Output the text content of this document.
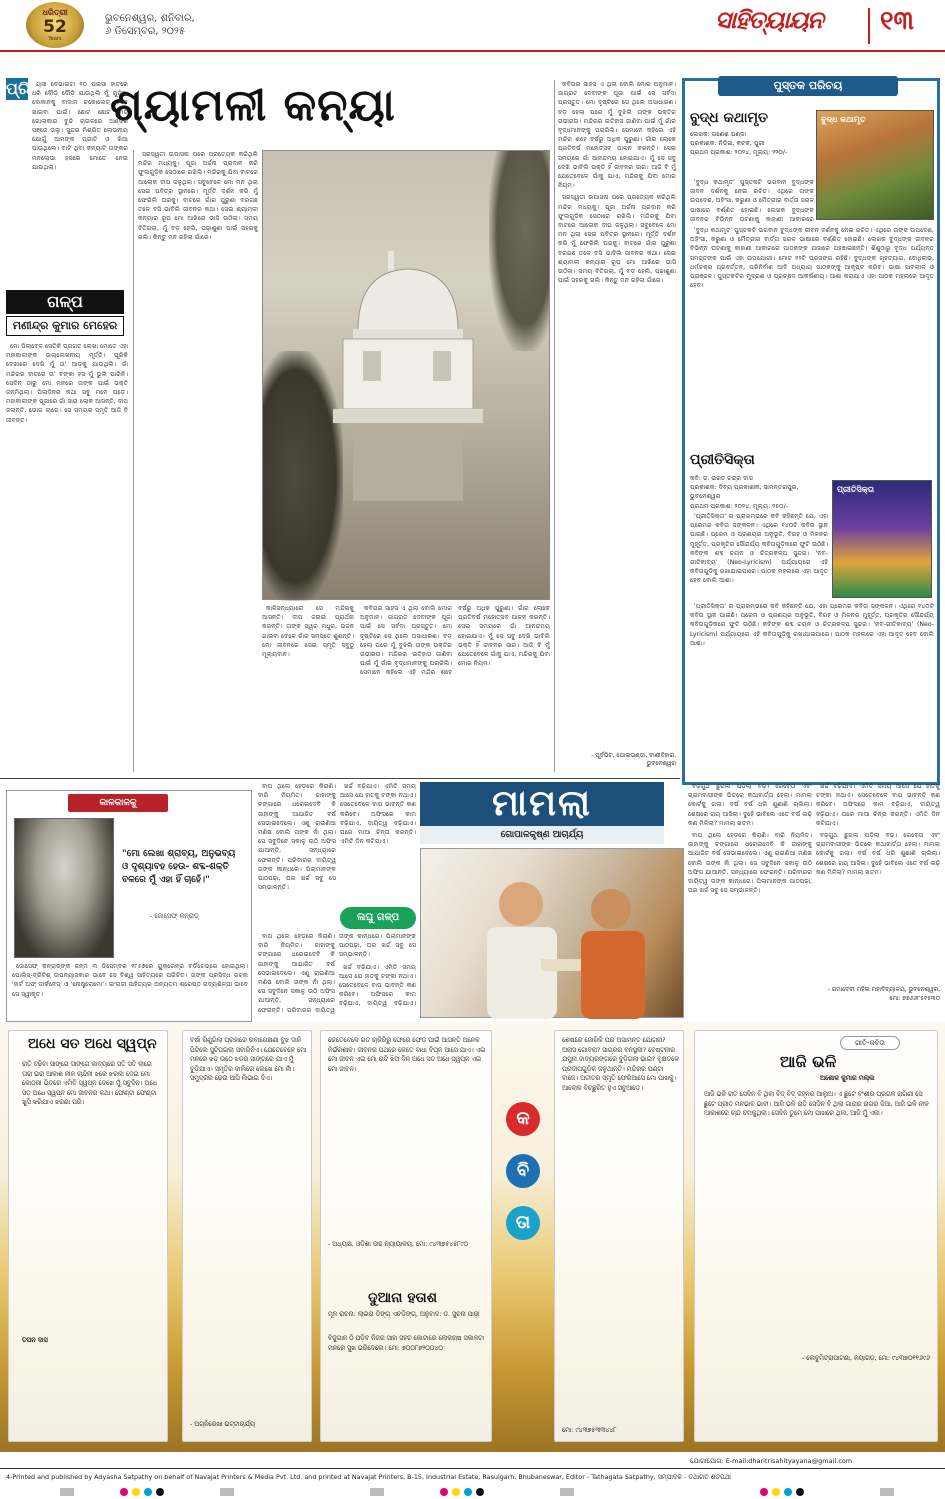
ଧରିତ୍ରୀ
52
Years
ଭୁବନେଶ୍ୱର, ଶନିବାର,
୬ ଡିସେମ୍ବର, ୨୦୨୫	ସାହିତ୍ୟାୟନ ୧୩
ପ୍ରି ଶ୍ୟାମଳୀ କନ୍ୟା

ୟସୀ ବେଭାଇଟା ୧୦ ପଇସା ହାତରେ ଧରି ଦୌଡ଼ି ଦୌଡ଼ି ଯାଉଥିଲି ମୁଁ ଗୁପିଆ ଦୋକାନକୁ ବାଦାମ ଚକୋଲେଟ୍ ଟିକେ ଖାଇବା ପାଇଁ। ଛୋଟ ଛୋଟ ବାଟି ଗୋଲାକାର ବୁନ୍ଦି ଚାଉଳରେ ଅଣ୍ଡିରି ସଞ୍ଜେ ଭଲୁ। ସୁନ୍ଦର ମିଶ୍ରିତ ଲୋଭନୀୟ ଯୋଗୁଁ ଆମଙ୍କ ପ୍ରୀତି ଓ ଖିଆ ପାଉଥିଲେ। ବାଟି ଥିବା କନ୍ୟାଟି ତାଙ୍କର ମନଲୋଭା ହସରେ ମୋତେ ନେଇ ଯାଉଥିଲା।

ଗଳ୍ପ
ମଣୀନ୍ଦ୍ର କୁମାର ମେହେର

ମୋ ପିଲାବେଳ ସେତିକି ପ୍ରଗତ ଲେଖା ମୋତେ ଏହା ମହାକାଳୀଙ୍କ ଉଲ୍ଲେଖନୀୟ ମୂର୍ତ୍ତି। ପୂରିକି ଦେଖାରେ ଦେଖି ମୁଁ ତା' ଆଡ଼କୁ ଯାଉଥିଲି। ଗାଁ ମନ୍ଦିରର ବାଟରେ ତା' ବଙ୍କା ହସ ମୁଁ ଭୁଲି ପାରିନି। ସେଦିନ ଠାରୁ ମୋ ମନରେ ତାଙ୍କ ପାଇଁ ଭକ୍ତି ଜନ୍ମିଥିଲା। ପିଲାଦିନର କଥା ସବୁ ମନେ ପଡ଼େ। ମହାକାଳୀଙ୍କ ପୂଜାରେ ଗାଁ ସାରା ଲୋକ ଆସନ୍ତି, ଦୀପ ଜଳାନ୍ତି, ଭୋଗ ଲାଗେ। ସେ ସମୟର ସ୍ମୃତି ଆଜି ବି ଜୀବନ୍ତ।

ସରସ୍ୱତୀ ଉପାସନା ପରେ ପ୍ରତ୍ୟେକ କରିଥିଲି ମନ୍ଦିର ମଧ୍ୟକୁ। ପୂଜା ଅର୍ଚ୍ଚନା ପ୍ରଦାନ କରି ଫୁଲଗୁଡ଼ିକ ସେଠାରେ ରଖିଲି। ମନ୍ଦିରକୁ ଯିବା ବାଟରେ ଆଲୋକ ଦୀପ ଜଳୁଥିଲା। ସବୁବେଳେ ମୋ ମନ ଥିଲା ସେଇ ପବିତ୍ର ସ୍ଥାନରେ। ମୂର୍ତ୍ତି ଦର୍ଶନ କରି ମୁଁ ଫେରିଲି ଘରକୁ। ବାଟରେ ଗାଁର ପୁରୁଣା ବରଗଛ ତଳେ ବସି ଭାବିଲି ଜୀବନର କଥା। ସେଇ ଶ୍ୟାମଳୀ କନ୍ୟାର ରୂପ ମୋ ଆଖିରେ ଭାସି ଉଠିଲା। ସମୟ ବିତିଗଲା, ମୁଁ ବଡ଼ ହେଲି, ପଢ଼ାଶୁଣା ପାଇଁ ସହରକୁ ଗଲି। କିନ୍ତୁ ମନ ରହିଲା ଗାଁରେ।

କାଳିସନ୍ଧ୍ୟାରେ ସେ ମନ୍ଦିରକୁ ଆସନ୍ତି। ଦୀପ ଜଳାଇ ପ୍ରାର୍ଥନା କରନ୍ତି। ତାଙ୍କ ସ୍ୱର ମଧୁର, ଭଜନ ଗାଇବା ବେଳେ ଗାଁର ସମସ୍ତେ ଶୁଣନ୍ତି। ମୋ ଜୀବନରେ ସେଇ ସ୍ମୃତି ସବୁଠୁ ମୂଲ୍ୟବାନ।

କବିତାର ସାହସ ଏ ଥିଲା ବୋଲି ମୋର ଅନୁମାନ। ଜାଗ୍ରତ ଦେବୀଙ୍କ ପୂଜା ପାଇଁ ସେ ସର୍ବଦା ପ୍ରସ୍ତୁତ। ମୋ ଦୃଷ୍ଟିରେ ସେ ଥିଲେ ଅସାଧାରଣ। ବଡ଼ ହେଲା ପରେ ମୁଁ ବୁଝିଲି ତାଙ୍କ ଭକ୍ତିର ଗଭୀରତା। ମନ୍ଦିରର ଇତିହାସ ଜାଣିବା ପାଇଁ ମୁଁ ଗାଁର ବୃଦ୍ଧମାନଙ୍କୁ ପଚାରିଲି। ସେମାନେ କହିଲେ ଏହି ମନ୍ଦିର ଶହେ ବର୍ଷରୁ ଅଧିକ ପୁରୁଣା। ଗାଁର ଲୋକେ ପ୍ରତିବର୍ଷ ମହୋତ୍ସବ ପାଳନ କରନ୍ତି। ସେଇ ସମୟରେ ଗାଁ ଆନନ୍ଦମୟ ହୋଇଯାଏ। ମୁଁ ସେ ସବୁ ଦେଖି ଭାବିଲି ଭକ୍ତି ହିଁ ଜୀବନର ସାର। ଆଜି ବି ମୁଁ ଯେତେବେଳେ ଗାଁକୁ ଯାଏ, ମନ୍ଦିରକୁ ଯିବା ମୋର ନିୟମ।

କବିତାର ସାହସ ଏ ଥିଲା ବୋଲି ମୋର ଅନୁମାନ। ଜାଗ୍ରତ ଦେବୀଙ୍କ ପୂଜା ପାଇଁ ସେ ସର୍ବଦା ପ୍ରସ୍ତୁତ। ମୋ ଦୃଷ୍ଟିରେ ସେ ଥିଲେ ଅସାଧାରଣ। ବଡ଼ ହେଲା ପରେ ମୁଁ ବୁଝିଲି ତାଙ୍କ ଭକ୍ତିର ଗଭୀରତା। ମନ୍ଦିରର ଇତିହାସ ଜାଣିବା ପାଇଁ ମୁଁ ଗାଁର ବୃଦ୍ଧମାନଙ୍କୁ ପଚାରିଲି। ସେମାନେ କହିଲେ ଏହି ମନ୍ଦିର ଶହେ ବର୍ଷରୁ ଅଧିକ ପୁରୁଣା। ଗାଁର ଲୋକେ ପ୍ରତିବର୍ଷ ମହୋତ୍ସବ ପାଳନ କରନ୍ତି। ସେଇ ସମୟରେ ଗାଁ ଆନନ୍ଦମୟ ହୋଇଯାଏ। ମୁଁ ସେ ସବୁ ଦେଖି ଭାବିଲି ଭକ୍ତି ହିଁ ଜୀବନର ସାର। ଆଜି ବି ମୁଁ ଯେତେବେଳେ ଗାଁକୁ ଯାଏ, ମନ୍ଦିରକୁ ଯିବା ମୋର ନିୟମ।

ସରସ୍ୱତୀ ଉପାସନା ପରେ ପ୍ରତ୍ୟେକ କରିଥିଲି ମନ୍ଦିର ମଧ୍ୟକୁ। ପୂଜା ଅର୍ଚ୍ଚନା ପ୍ରଦାନ କରି ଫୁଲଗୁଡ଼ିକ ସେଠାରେ ରଖିଲି। ମନ୍ଦିରକୁ ଯିବା ବାଟରେ ଆଲୋକ ଦୀପ ଜଳୁଥିଲା। ସବୁବେଳେ ମୋ ମନ ଥିଲା ସେଇ ପବିତ୍ର ସ୍ଥାନରେ। ମୂର୍ତ୍ତି ଦର୍ଶନ କରି ମୁଁ ଫେରିଲି ଘରକୁ। ବାଟରେ ଗାଁର ପୁରୁଣା ବରଗଛ ତଳେ ବସି ଭାବିଲି ଜୀବନର କଥା। ସେଇ ଶ୍ୟାମଳୀ କନ୍ୟାର ରୂପ ମୋ ଆଖିରେ ଭାସି ଉଠିଲା। ସମୟ ବିତିଗଲା, ମୁଁ ବଡ଼ ହେଲି, ପଢ଼ାଶୁଣା ପାଇଁ ସହରକୁ ଗଲି। କିନ୍ତୁ ମନ ରହିଲା ଗାଁରେ।

- ପୂର୍ବଭିଟ, ପୋଇଭଣ୍ଡା, ବାଣୀବିହାର, ଭୁବନେଶ୍ୱର
ପୁସ୍ତକ ପରିଚୟ
ବୁଦ୍ଧ କଥାମୃତ
ଲେଖକ: ଗଣେଶ ପଣ୍ଡା
ପ୍ରକାଶକ: ନିଡିଇ, କଟକ, ପୁରୀ
ପ୍ରଥମ ପ୍ରକାଶ: ୨୦୨୪, ମୂଲ୍ୟ: ୨୨୦/-
ବୁଦ୍ଧ କଥାମୃତ

'ବୁଦ୍ଧ କଥାମୃତ' ପୁସ୍ତକଟି ଭଗବାନ ବୁଦ୍ଧଙ୍କ ଜୀବନ ଦର୍ଶନକୁ ନେଇ ରଚିତ। ଏଥିରେ ତାଙ୍କ ଉପଦେଶ, ଅହିଂସା, କରୁଣା ଓ ମୈତ୍ରୀର ବାର୍ତ୍ତା ସରଳ ଭାଷାରେ ବର୍ଣ୍ଣିତ ହୋଇଛି। ଲେଖକ ବୁଦ୍ଧଙ୍କ ଜୀବନର ବିଭିନ୍ନ ଘଟଣାକୁ କାହାଣୀ ଆକାରରେ

'ବୁଦ୍ଧ କଥାମୃତ' ପୁସ୍ତକଟି ଭଗବାନ ବୁଦ୍ଧଙ୍କ ଜୀବନ ଦର୍ଶନକୁ ନେଇ ରଚିତ। ଏଥିରେ ତାଙ୍କ ଉପଦେଶ, ଅହିଂସା, କରୁଣା ଓ ମୈତ୍ରୀର ବାର୍ତ୍ତା ସରଳ ଭାଷାରେ ବର୍ଣ୍ଣିତ ହୋଇଛି। ଲେଖକ ବୁଦ୍ଧଙ୍କ ଜୀବନର ବିଭିନ୍ନ ଘଟଣାକୁ କାହାଣୀ ଆକାରରେ ପାଠକଙ୍କ ପାଖରେ ପହଞ୍ଚାଇଛନ୍ତି। ଶିଶୁଠାରୁ ବୃଦ୍ଧ ପର୍ଯ୍ୟନ୍ତ ସମସ୍ତଙ୍କ ପାଇଁ ଏହା ଉପଯୋଗୀ। ମୋଟ ୧୨ଟି ପ୍ରସଙ୍ଗ ରହିଛି। ବୁଦ୍ଧଙ୍କ ଗୃହତ୍ୟାଗ, ବୋଧିଲାଭ, ଧର୍ମଚକ୍ର ପ୍ରବର୍ତ୍ତନ, ପରିନିର୍ବାଣ ଆଦି ଅଧ୍ୟାୟ ପାଠକଙ୍କୁ ଆକୃଷ୍ଟ କରିବ। ଭାଷା ସାବଲୀଳ ଓ ପ୍ରାଞ୍ଜଳ। ପୁସ୍ତକଟିର ମୁଦ୍ରଣ ଓ ପ୍ରଚ୍ଛଦ ଆକର୍ଷଣୀୟ। ଆଶା କରାଯାଏ ଏହା ପାଠକ ମହଲରେ ଆଦୃତ ହେବ।

ପ୍ରୀତିସିକ୍ତା
କବି: ଡ. ଭରତ ଚନ୍ଦ୍ର ଦାସ
ପ୍ରକାଶକ: ଦିବ୍ୟ ପ୍ରକାଶନୀ, ସାମନ୍ତରାପୁର, ଭୁବନେଶ୍ୱର
ପ୍ରଥମ ପ୍ରକାଶ: ୨୦୨୪, ମୂଲ୍ୟ: ୨୫୦/-
ପ୍ରୀତିସିକ୍ତା

'ପ୍ରୀତିସିକ୍ତା' ର ପ୍ରାରମ୍ଭରେ କବି କହିଛନ୍ତି ଯେ, ଏହା ପ୍ରେମର କବିତା ସଙ୍କଳନ। ଏଥିରେ ୧୪୦ଟି କବିତା ସ୍ଥାନ ପାଇଛି। ପ୍ରେମ ଓ ପ୍ରଣୟର ଅନୁଭୂତି, ବିରହ ଓ ମିଳନର ମୁହୂର୍ତ୍ତ, ପ୍ରକୃତିର ସୌନ୍ଦର୍ଯ୍ୟ କବିତାଗୁଡ଼ିକରେ ଫୁଟି ଉଠିଛି। କବିଙ୍କ ଶବ୍ଦ ଚୟନ ଓ ଚିତ୍ରକଳ୍ପ ସୁନ୍ଦର। 'ନବ-ଗୀତିକାବ୍ୟ' (Neo-Lyricism) ପର୍ଯ୍ୟାୟରେ ଏହି କବିତାଗୁଡ଼ିକୁ ରଖାଯାଇପାରେ। ପାଠକ ମହଲରେ ଏହା ଆଦୃତ ହେବ ବୋଲି ଆଶା।

'ପ୍ରୀତିସିକ୍ତା' ର ପ୍ରାରମ୍ଭରେ କବି କହିଛନ୍ତି ଯେ, ଏହା ପ୍ରେମର କବିତା ସଙ୍କଳନ। ଏଥିରେ ୧୪୦ଟି କବିତା ସ୍ଥାନ ପାଇଛି। ପ୍ରେମ ଓ ପ୍ରଣୟର ଅନୁଭୂତି, ବିରହ ଓ ମିଳନର ମୁହୂର୍ତ୍ତ, ପ୍ରକୃତିର ସୌନ୍ଦର୍ଯ୍ୟ କବିତାଗୁଡ଼ିକରେ ଫୁଟି ଉଠିଛି। କବିଙ୍କ ଶବ୍ଦ ଚୟନ ଓ ଚିତ୍ରକଳ୍ପ ସୁନ୍ଦର। 'ନବ-ଗୀତିକାବ୍ୟ' (Neo-Lyricism) ପର୍ଯ୍ୟାୟରେ ଏହି କବିତାଗୁଡ଼ିକୁ ରଖାଯାଇପାରେ। ପାଠକ ମହଲରେ ଏହା ଆଦୃତ ହେବ ବୋଲି ଆଶା।

କାଳକାଳକୁ
"ମୋ ଲେଖା ଶ୍ରାବ୍ୟ, ଅନୁଭବ୍ୟ ଓ ଦୃଶ୍ୟାବହ ହେଉ- ଶବ୍ଦ-ଶକ୍ତି ବଳରେ ମୁଁ ଏହା ହିଁ ଚାହେଁ।"
- ଜୋସେଫ୍ କନ୍ରାଡ୍

ଜୋସେଫ୍ କନ୍ରାଡ୍‌ଙ୍କ ଜନ୍ମ ୩ ଡିସେମ୍ବର ୧୮୫୭ରେ ୟୁକ୍ରେନ୍‌ର ବର୍ଡିଚେଭ୍‌ରେ ହୋଇଥିଲା। ପୋଲିସ୍-ବ୍ରିଟିଶ୍ ଉପନ୍ୟାସକାର ଭାବେ ସେ ବିଶ୍ୱ ସାହିତ୍ୟରେ ପରିଚିତ। ତାଙ୍କ ପ୍ରସିଦ୍ଧ ରଚନା 'ହାର୍ଟ ଅଫ୍ ଡାର୍କନେସ୍' ଓ 'ନୋଷ୍ଟ୍ରୋମୋ'। ଇଂରାଜୀ ସାହିତ୍ୟର ଅନ୍ୟତମ ଶ୍ରେଷ୍ଠ ଗଦ୍ୟଶିଳ୍ପୀ ଭାବେ ସେ ସ୍ୱୀକୃତ।

ବାପ ଥିଲେ ହେଡ଼ରେ କିରାଣି। ବାରି ନିୟମିତ। ଜାହାଙ୍କୁ ଚଙ୍ଗାରେ ଧରେଇଦେବି କି ଜାହାଙ୍କୁ ଆଯାଜିତ ବର୍ଷ ସେଭାଇଦେଲେ। ଏଣୁ ରାଇଣିଆ ମଣିଷ ବୋଲି ତାଙ୍କ ନାଁ ଥିଲା। ସେ ସବୁଦିନେ ସକାଳୁ ଉଠି ଅଫିସ ଯାଆନ୍ତି, ସନ୍ଧ୍ୟାରେ ଫେରନ୍ତି। ପରିବାରର ଦାୟିତ୍ୱ ତାଙ୍କ କାନ୍ଧରେ। ପିଲାମାନଙ୍କ ପାଠପଢ଼ା, ଘର ଖର୍ଚ୍ଚ ସବୁ ସେ ସମ୍ଭାଳନ୍ତି।

ଖର୍ଚ୍ଚ ବଢ଼ିଯାଏ। ଏମିତି ସମୟ ଆସେ ଯେ ହାତକୁ ଟଙ୍କା ନଥାଏ। ସେତେବେଳେ ବାପ ଭାବନ୍ତି କଣ କରିବେ। ଅଫିସରେ କାମ ବଢ଼ିଯାଏ, ଦାୟିତ୍ୱ ବଢ଼ିଯାଏ। ଘରେ ମାଆ ଚିନ୍ତା କରନ୍ତି। ଏମିତି ଦିନ କଟିଯାଏ।

ଲଘୁ ଗଳ୍ପ

ବାପ ଥିଲେ ହେଡ଼ରେ କିରାଣି। ବାରି ନିୟମିତ। ଜାହାଙ୍କୁ ଚଙ୍ଗାରେ ଧରେଇଦେବି କି ଜାହାଙ୍କୁ ଆଯାଜିତ ବର୍ଷ ସେଭାଇଦେଲେ। ଏଣୁ ରାଇଣିଆ ମଣିଷ ବୋଲି ତାଙ୍କ ନାଁ ଥିଲା। ସେ ସବୁଦିନେ ସକାଳୁ ଉଠି ଅଫିସ ଯାଆନ୍ତି, ସନ୍ଧ୍ୟାରେ ଫେରନ୍ତି। ପରିବାରର ଦାୟିତ୍ୱ ତାଙ୍କ କାନ୍ଧରେ। ପିଲାମାନଙ୍କ ପାଠପଢ଼ା, ଘର ଖର୍ଚ୍ଚ ସବୁ ସେ ସମ୍ଭାଳନ୍ତି।

ଖର୍ଚ୍ଚ ବଢ଼ିଯାଏ। ଏମିତି ସମୟ ଆସେ ଯେ ହାତକୁ ଟଙ୍କା ନଥାଏ। ସେତେବେଳେ ବାପ ଭାବନ୍ତି କଣ କରିବେ। ଅଫିସରେ କାମ ବଢ଼ିଯାଏ, ଦାୟିତ୍ୱ ବଢ଼ିଯାଏ।

ମାମଲା
ଗୋପାଳକୃଷ୍ଣ ଆଚାର୍ଯ୍ୟ

ବଢ଼ଗୁଥ ଛୁଗଲ ପଡ଼ିଲା ବଢ଼। ରେବେତା ଏବଂ ଗ୍ରାମବାସୀଙ୍କ ଭିତରେ କଥାବାର୍ତ୍ତା ହେଲା। ମାମଲା କୋର୍ଟକୁ ଗଲା। ବର୍ଷ ବର୍ଷ ଧରି ଶୁଣାଣି ଚାଲିଲା। ଶେଷରେ ରାୟ ଆସିଲା। ଦୁହେଁ ଭାବିଲେ ଏତେ ବର୍ଷ ଲଢ଼ି କଣ ମିଳିଲା? ମାମଲା ଖତମ।

ବାପ ଥିଲେ ହେଡ଼ରେ କିରାଣି। ବାରି ନିୟମିତ। ଜାହାଙ୍କୁ ଚଙ୍ଗାରେ ଧରେଇଦେବି କି ଜାହାଙ୍କୁ ଆଯାଜିତ ବର୍ଷ ସେଭାଇଦେଲେ। ଏଣୁ ରାଇଣିଆ ମଣିଷ ବୋଲି ତାଙ୍କ ନାଁ ଥିଲା। ସେ ସବୁଦିନେ ସକାଳୁ ଉଠି ଅଫିସ ଯାଆନ୍ତି, ସନ୍ଧ୍ୟାରେ ଫେରନ୍ତି। ପରିବାରର ଦାୟିତ୍ୱ ତାଙ୍କ କାନ୍ଧରେ। ପିଲାମାନଙ୍କ ପାଠପଢ଼ା, ଘର ଖର୍ଚ୍ଚ ସବୁ ସେ ସମ୍ଭାଳନ୍ତି।

ଖର୍ଚ୍ଚ ବଢ଼ିଯାଏ। ଏମିତି ସମୟ ଆସେ ଯେ ହାତକୁ ଟଙ୍କା ନଥାଏ। ସେତେବେଳେ ବାପ ଭାବନ୍ତି କଣ କରିବେ। ଅଫିସରେ କାମ ବଢ଼ିଯାଏ, ଦାୟିତ୍ୱ ବଢ଼ିଯାଏ। ଘରେ ମାଆ ଚିନ୍ତା କରନ୍ତି। ଏମିତି ଦିନ କଟିଯାଏ।

ବଢ଼ଗୁଥ ଛୁଗଲ ପଡ଼ିଲା ବଢ଼। ରେବେତା ଏବଂ ଗ୍ରାମବାସୀଙ୍କ ଭିତରେ କଥାବାର୍ତ୍ତା ହେଲା। ମାମଲା କୋର୍ଟକୁ ଗଲା। ବର୍ଷ ବର୍ଷ ଧରି ଶୁଣାଣି ଚାଲିଲା। ଶେଷରେ ରାୟ ଆସିଲା। ଦୁହେଁ ଭାବିଲେ ଏତେ ବର୍ଷ ଲଢ଼ି କଣ ମିଳିଲା? ମାମଲା ଖତମ।

- ରମାଦେବୀ ମହିଳା ମହାବିଦ୍ୟାଳୟ, ଭୁବନେଶ୍ୱର, ମୋ: ୭୭୬୬୮୫୧୫୩୦
ଅଧେ ସତ ଅଧେ ସ୍ୱପ୍ନ
ରାତି ବଢ଼ିବା ସାଙ୍ଗେ ସାଙ୍ଗେ କାବ୍ୟରେ ସତି ସତି ଲାଗେ ତାରା ଭରା ଆକାଶ ନୀଳ ଚାନ୍ଦିନୀ ଝରେ ଝରକା ଦେଇ ମୋ କୋଠରୀ ଭିତରେ ଏମିତି ସ୍ୱପ୍ନ ଦେଖେ ମୁଁ ସବୁଦିନ। ଅଧେ ସତ ଅଧେ ସ୍ୱପ୍ନ ମୋ ଜୀବନର କଥା। ଫେଣ୍ଟା ଫେଣ୍ଟା ଖୁସି ଝରିଯାଏ ଝରଣା ପରି।
ତପନ ଦାସ
ବର୍ଷା ରିଣୁଗିଲା ପ୍ରହାରେ ରବାରେକ୍ଷଣୀ ବୁଝ ଦାନି ପିଟିଲେ ସୁଟିପଇଲା ସବାରିନିଏ। ଯେତେବେଳେ ମୋ ମନରେ ଝଡ଼ ଉଠେ ଝଡ଼ର ସାଙ୍ଗରେ ଯାଏ ମୁଁ ବୁଡ଼ିଯାଏ। ସ୍ମୃତିର ବାଲିରେ ଲେଖେ ମୋ ନାଁ। ସମୁଦ୍ରର ଢେଉ ଆସି ଲିଭାଇ ଦିଏ।
- ଅଗ୍ନିରେଖା ଭଟ୍ଟାଚାର୍ଯ୍ୟ
କେତେବେଳେ ଗତ ଚାକିରିରୁ ଫେରେ ଫେଡ଼ ପାଇଁ ଆସନ୍ତି ଅନେକ ନିର୍ଭରଶୀଳ। ଜୀବନର ପଥରେ କେତେ ବାଧା ବିଘ୍ନ ଆସେ ଯାଏ। ଏଇ ମୋ ଜୀବନ ଏଇ ମୋ ରାତି ଝିଅ ଦିନ ଅଧେ ସତ ଅଧେ ସ୍ୱପ୍ନ ଏଇ ମୋ ଜୀବନ।
- ଅଧ୍ୟକ୍ଷ, ଓଡ଼ିଶା ଉଚ୍ଚ ନ୍ୟାୟାଳୟ, ମୋ: ୯୪୩୭୫୪୫୮୯୦
ଦୁଆନା ହତାଶ
ମୂଳ ରଚନା: ଲାଇରା ଡିଙ୍ଗ୍ ଏଚଡ଼ିଙ୍ଗ୍, ଅନୁବାଦ: ଡ. ସୁଚନା ପାଢ଼ୀ
ବିଜୁଗାନ ଠି ପଡ଼ିବ ନିଜର ସାହା ସହଚ କୋଟାରେ ଲୋକଚାଷ ସକାଳଟା ମନରେ ସୁଖ ଭରିଦେଲେ। ମୋ: ୭୦୦୮୭୨୦୦୪୦
କ
ବି
ତା
ଶେଷରେ ଜୋରିକି ଘର ଅସାମନ୍ତ ଯୋଗନା? ଅନାସ ଗୋବନା? ସାଗ୍ରର ବନସ୍ଥଳୀ? ବେଷ୍ଟନୀର ଯମୁନା ବାଦ୍ୟରଙ୍ଗରେ ବୁଡ଼ିଗଲା ଭାଇ? ବୃକ୍ଷତଳେ ପ୍ରଦୀପଗୁଡ଼ିକ ଜଳୁଥାନ୍ତି। ମନ୍ଦିରର ଘଣ୍ଟା ବାଜେ। ଅତୀତର ସ୍ମୃତି ଫେରିଆସେ ମୋ ପାଖକୁ। ଆଲୋକ ବିଚ୍ଛୁରିତ ହୁଏ ସବୁଆଡ଼େ।
ମୋ: ୯୪୩୭୫୩୩୪୪୮
ଗୀତି-କବିତା
ଆଜି ଭଳି
ଅଶୋକ କୁମାର ମଲ୍ଲ
ଆଜି ଭଳି ରାତ ସେଦିନ ବି ଥିଲା ବିଦ୍ ବିଦ୍ ଜହ୍ନର ଆଲୁଅ। ଏ ଛୁଟେ ବଂଶୀର ପ୍ରଗଳ ରାଗିଣୀ ସେ ଛୁଟେ ପ୍ରୀତ ମନଭାବ ଭାବୀ। ଆଜି ଭଳି ରାତି ସେଦିନ ବି ଥିଲା ଗାରାର ରାଗର ଜିଆ, ଆଜି ଭଳି ନୀଳ ଆକାଶରେ ଚାନ୍ଦ ଚମକୁଥିଲା। ସେଦିନ ତୁମେ ମୋ ପାଖରେ ଥିଲ, ଆଜି ମୁଁ ଏକା।
- ଲେବୁମିଟ୍ରାପାଟଣା, ନୟାଗଡ଼, ମୋ: ୯୪୩୭୦୧୧୬୯୬
ଯୋଗାଯୋଗ: E-mail:dharitrisahityayana@gmail.com
4-Printed and published by Adyasha Satpathy on behalf of Navajat Printers & Media Pvt. Ltd. and printed at Navajat Printers, B-15, Industrial Estate, Rasulgarh, Bhubaneswar, Editor - Tathagata Satpathy, ସମ୍ପାଦକ - ତଥାଗତ ଶତପଥୀ
